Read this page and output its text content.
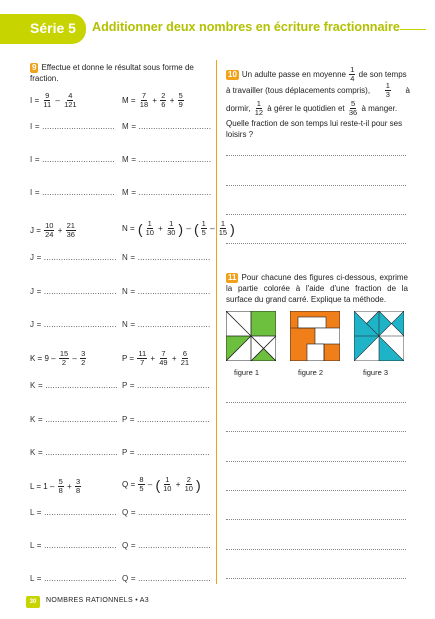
Série 5 Additionner deux nombres en écriture fractionnaire
9 Effectue et donne le résultat sous forme de fraction.
I =
$\frac{9}{11}$
–
$\frac{4}{121}$	M =
$\frac{7}{18}$
+
$\frac{2}{6}$
+
$\frac{5}{9}$
I = .............................. M = ..............................
I = .............................. M = ..............................
I = .............................. M = ..............................
J =
$\frac{10}{24}$
+
$\frac{21}{36}$	N =
( $\frac{1}{10}$
+
$\frac{1}{30}$ )
–
( $\frac{1}{5}$
–
$\frac{1}{15}$ )
J = .............................. N = ..............................
J = .............................. N = ..............................
J = .............................. N = ..............................
K = 9
–
$\frac{15}{2}$
–
$\frac{3}{2}$	P =
$\frac{11}{7}$
+
$\frac{7}{49}$
+
$\frac{6}{21}$
K = .............................. P = ..............................
K = .............................. P = ..............................
K = .............................. P = ..............................
L = 1
–
$\frac{5}{8}$
+
$\frac{3}{8}$	Q =
$\frac{8}{5}$
–
( $\frac{1}{10}$
+
$\frac{2}{10}$ )
L = .............................. Q = ..............................
L = .............................. Q = ..............................
L = .............................. Q = ..............................
10 Un adulte passe en moyenne
$\frac{1}{4}$
de son temps
à travailler (tous déplacements compris), $\frac{1}{3}$ à
dormir,
$\frac{1}{12}$
à gérer le quotidien et
$\frac{5}{36}$
à manger.
Quelle fraction de son temps lui reste-t-il pour ses loisirs ?
11 Pour chacune des figures ci-dessous, exprime la partie colorée à l'aide d'une fraction de la surface du grand carré. Explique ta méthode.
figure 1	figure 2	figure 3
30	NOMBRES RATIONNELS • A3
